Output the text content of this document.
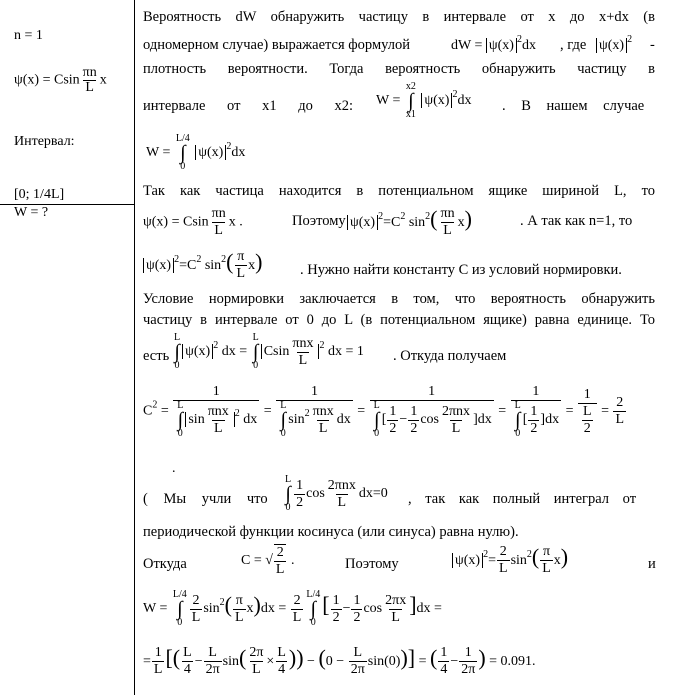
n = 1
ψ(x) = Csin $\frac{\pi n}{L}$ x
Интервал:
[0; 1/4L]
W = ?
Вероятность dW обнаружить частицу в интервале от x до x+dx (в
одномерном случае) выражается формулой	dW = ψ(x) $^2$dx , где ψ(x) $^2$ -
плотность вероятности. Тогда вероятность обнаружить частицу в
интервале от x1 до x2: W =
x2
∫
x1
ψ(x) $^2$dx . В нашем случае
W =
L/4
∫
0
ψ(x) $^2$dx
Так как частица находится в потенциальном ящике шириной L, то
ψ(x) = Csin $\frac{\pi n}{L}$ x .	Поэтому ψ(x) $^2=C^2$ $\sin^2( \frac{\pi n}{L} x)$	. А так как n=1, то
ψ(x) $^2=C^2$ $\sin^2( \frac{\pi}{L} x)$	. Нужно найти константу C из условий нормировки.
Условие нормировки заключается в том, что вероятность обнаружить
частицу в интервале от 0 до L (в потенциальном ящике) равна единице. То
есть
L
∫
0
ψ(x) $^2$ dx =
L
∫
0
Csin $\frac{\text{πnx}}{L} ^2$ dx = 1 . Откуда получаем
$C^2 = 1$
L
∫
0
$\sin \frac{\text{πnx}}{L} ^2$ dx = 1
L
∫
0
$\sin^2 \frac{\text{πnx}}{L}$ dx = 1
L
∫
0
[ $\frac{1}{2} - \frac{1}{2}$ $\cos \frac{\text{2πnx}}{L} ]dx = 1$
L
∫
0
[ $\frac{1}{2} ]dx = \frac{1}{\frac{L}{2}} = \frac{2}{L}$
.
( Мы учли что
L
∫
$0 \frac{1}{2}$ $\cos \frac{\text{2πnx}}{L} dx=0$ , так как полный интеграл от
периодической функции косинуса (или синуса) равна нулю).
Откуда	C = √ $\frac{2}{L}$ .	Поэтому	ψ(x) $^2= \frac{2}{L} \sin^2( \frac{\pi}{L} x)$	и
W =
L/4
∫
$0 \frac{2}{L} \sin^2( \frac{\pi}{L} x)dx = \frac{2}{L} L/4$
∫
0
[ $\frac{1}{2} - \frac{1}{2}$ $\cos \frac{2\pi x}{L} ]dx$ =
= $\frac{1}{L}$ [( $\frac{L}{4} - \frac{L}{2\pi} \sin( \frac{2\pi}{L} \times \frac{L}{4}$ )) − $(0 - \frac{L}{2\pi} \sin(0))$] = ( $\frac{1}{4} - \frac{1}{2\pi}$ ) = 0.091.
